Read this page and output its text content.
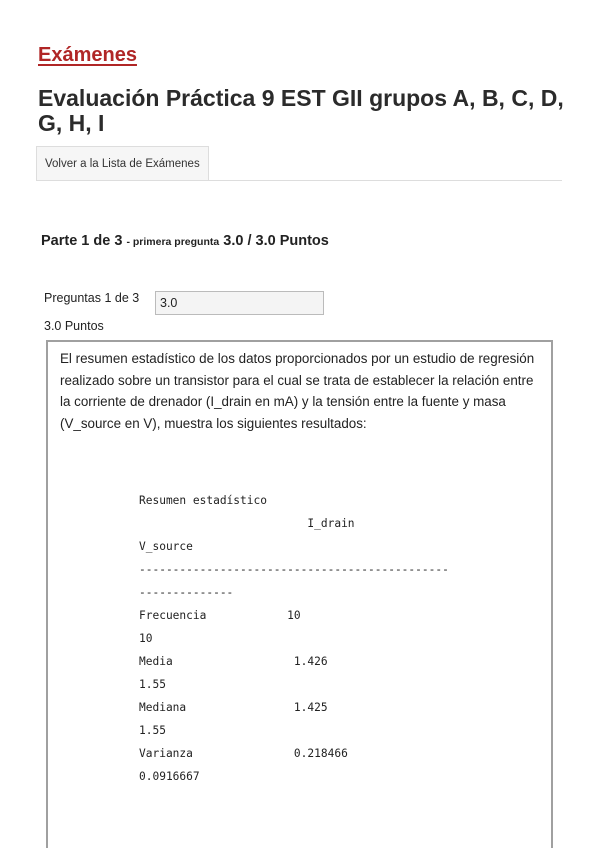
Exámenes
Evaluación Práctica 9 EST GII grupos A, B, C, D, G, H, I
Volver a la Lista de Exámenes
Parte 1 de 3 - primera pregunta 3.0 / 3.0 Puntos
Preguntas 1 de 3	3.0
3.0 Puntos

El resumen estadístico de los datos proporcionados por un estudio de regresión realizado sobre un transistor para el cual se trata de establecer la relación entre la corriente de drenador (I_drain en mA) y la tensión entre la fuente y masa (V_source en V), muestra los siguientes resultados:

Resumen estadístico
I_drain
V_source
----------------------------------------------
--------------
Frecuencia            10
10
Media                  1.426
1.55
Mediana                1.425
1.55
Varianza               0.218466
0.0916667
